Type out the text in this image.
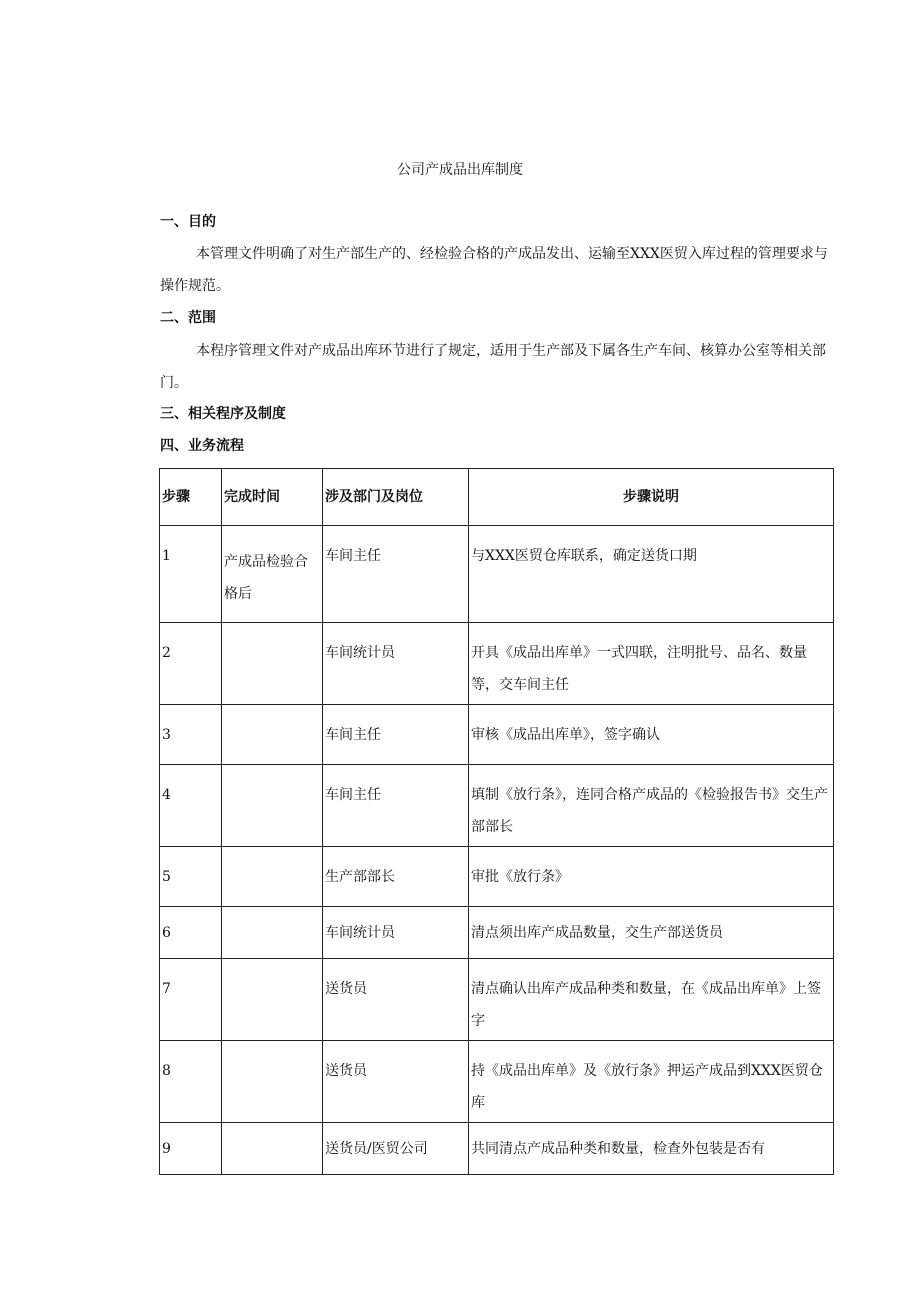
公司产成品出库制度
一、目的
本管理文件明确了对生产部生产的、经检验合格的产成品发出、运输至XXX医贸入库过程的管理要求与操作规范。
二、范围
本程序管理文件对产成品出库环节进行了规定，适用于生产部及下属各生产车间、核算办公室等相关部门。
三、相关程序及制度
四、业务流程
步骤	完成时间	涉及部门及岗位	步骤说明

1	产成品检验合格后	车间主任	与XXX医贸仓库联系，确定送货口期

2		车间统计员	开具《成品出库单》一式四联，注明批号、品名、数量等，交车间主任

3		车间主任	审核《成品出库单》，签字确认

4		车间主任	填制《放行条》，连同合格产成品的《检验报告书》交生产部部长

5		生产部部长	审批《放行条》

6		车间统计员	清点须出库产成品数量，交生产部送货员

7		送货员	清点确认出库产成品种类和数量，在《成品出库单》上签字

8		送货员	持《成品出库单》及《放行条》押运产成品到XXX医贸仓库

9		送货员/医贸公司	共同清点产成品种类和数量，检查外包装是否有
